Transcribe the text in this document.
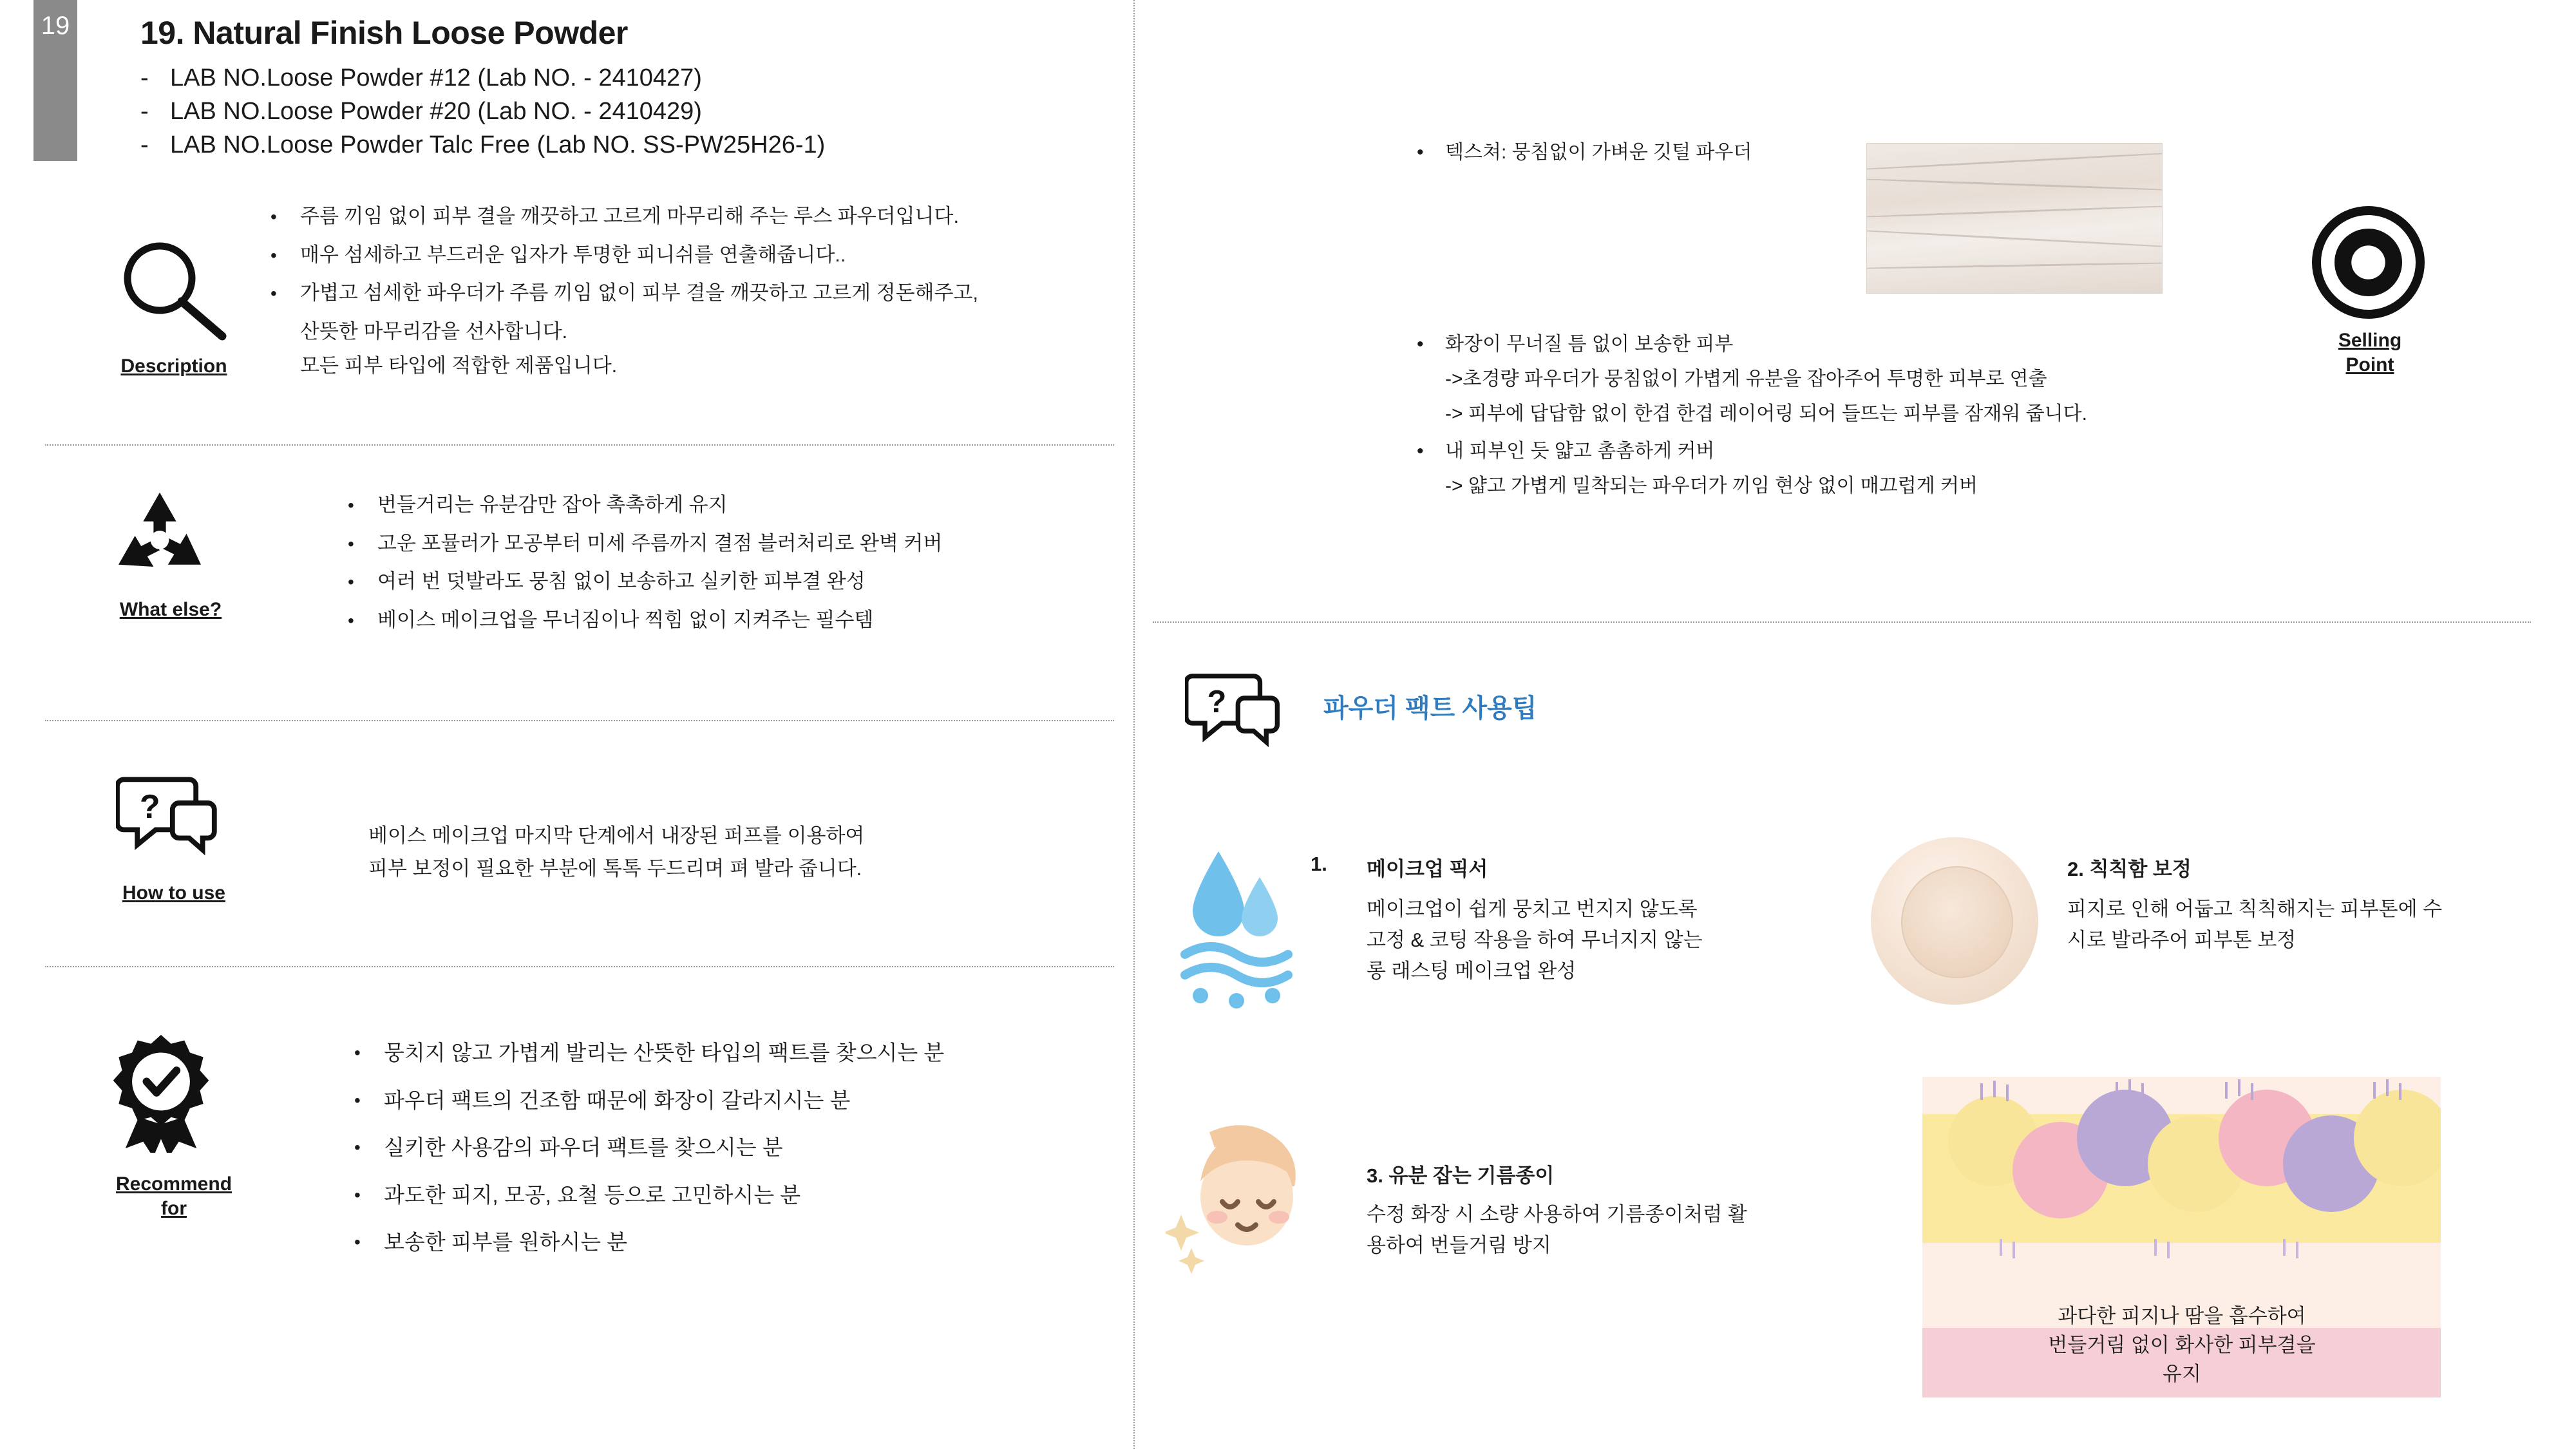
19 19. Natural Finish Loose Powder
- LAB NO.Loose Powder #12 (Lab NO. - 2410427)
- LAB NO.Loose Powder #20 (Lab NO. - 2410429)
- LAB NO.Loose Powder Talc Free (Lab NO. SS-PW25H26-1)
Description
•	주름 끼임 없이 피부 결을 깨끗하고 고르게 마무리해 주는 루스 파우더입니다.
•	매우 섬세하고 부드러운 입자가 투명한 피니쉬를 연출해줍니다..
•	가볍고 섬세한 파우더가 주름 끼임 없이 피부 결을 깨끗하고 고르게 정돈해주고,
산뜻한 마무리감을 선사합니다.
모든 피부 타입에 적합한 제품입니다.
What else?
•	번들거리는 유분감만 잡아 촉촉하게 유지
•	고운 포뮬러가 모공부터 미세 주름까지 결점 블러처리로 완벽 커버
•	여러 번 덧발라도 뭉침 없이 보송하고 실키한 피부결 완성
•	베이스 메이크업을 무너짐이나 찍힘 없이 지켜주는 필수템
?
How to use
베이스 메이크업 마지막 단계에서 내장된 퍼프를 이용하여
피부 보정이 필요한 부분에 톡톡 두드리며 펴 발라 줍니다.
Recommend
for
•	뭉치지 않고 가볍게 발리는 산뜻한 타입의 팩트를 찾으시는 분
•	파우더 팩트의 건조함 때문에 화장이 갈라지시는 분
•	실키한 사용감의 파우더 팩트를 찾으시는 분
•	과도한 피지, 모공, 요철 등으로 고민하시는 분
•	보송한 피부를 원하시는 분
Selling
Point
•	텍스쳐: 뭉침없이 가벼운 깃털 파우더
•	화장이 무너질 틈 없이 보송한 피부
->초경량 파우더가 뭉침없이 가볍게 유분을 잡아주어 투명한 피부로 연출
-> 피부에 답답함 없이 한겹 한겹 레이어링 되어 들뜨는 피부를 잠재워 줍니다.
•	내 피부인 듯 얇고 촘촘하게 커버
-> 얇고 가볍게 밀착되는 파우더가 끼임 현상 없이 매끄럽게 커버
?	파우더 팩트 사용팁
1. 메이크업 픽서
메이크업이 쉽게 뭉치고 번지지 않도록
고정 & 코팅 작용을 하여 무너지지 않는
롱 래스팅 메이크업 완성
2. 칙칙함 보정
피지로 인해 어둡고 칙칙해지는 피부톤에 수
시로 발라주어 피부톤 보정
3. 유분 잡는 기름종이
수정 화장 시 소량 사용하여 기름종이처럼 활
용하여 번들거림 방지
과다한 피지나 땀을 흡수하여
번들거림 없이 화사한 피부결을
유지
